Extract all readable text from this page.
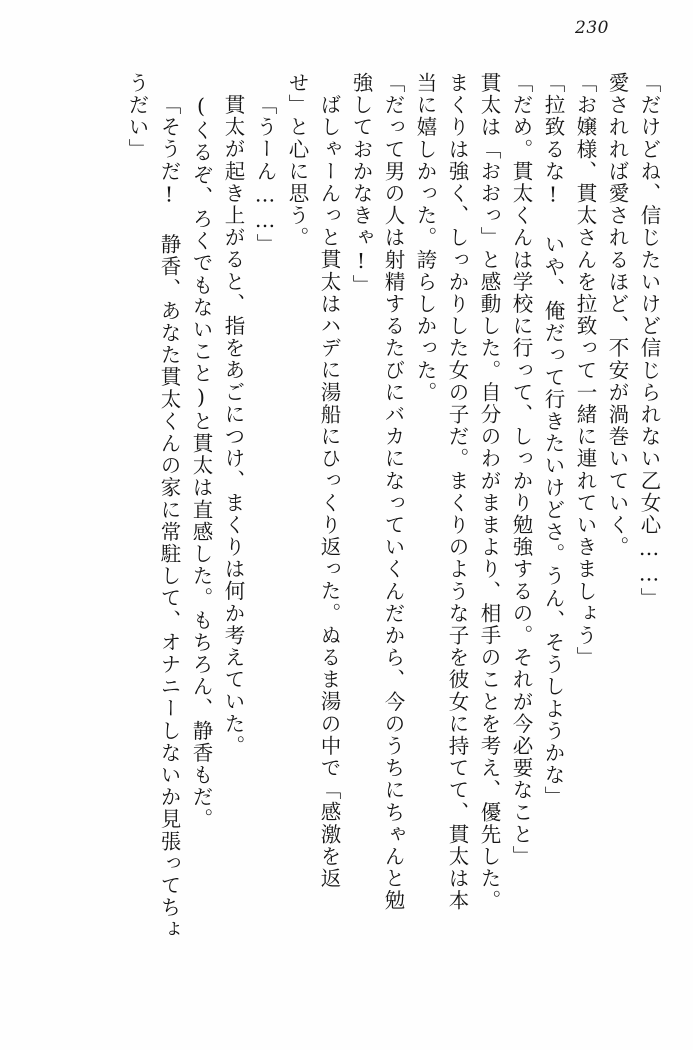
230
「だけどね、信じたいけど信じられない乙女心……」
愛されれば愛されるほど、不安が渦巻いていく。
「お嬢様、貫太さんを拉致って一緒に連れていきましょう」
「拉致るな! いや、俺だって行きたいけどさ。うん、そうしようかな」
「だめ。貫太くんは学校に行って、しっかり勉強するの。それが今必要なこと」
貫太は「おおっ」と感動した。自分のわがままより、相手のことを考え、優先した。
まくりは強く、しっかりした女の子だ。まくりのような子を彼女に持てて、貫太は本
当に嬉しかった。誇らしかった。
「だって男の人は射精するたびにバカになっていくんだから、今のうちにちゃんと勉
強しておかなきゃ!」
ばしゃーんっと貫太はハデに湯船にひっくり返った。ぬるま湯の中で「感激を返
せ」と心に思う。
「うーん……」
貫太が起き上がると、指をあごにつけ、まくりは何か考えていた。
(くるぞ、ろくでもないこと)と貫太は直感した。もちろん、静香もだ。
「そうだ! 静香、あなた貫太くんの家に常駐して、オナニーしないか見張ってちょ
うだい」
